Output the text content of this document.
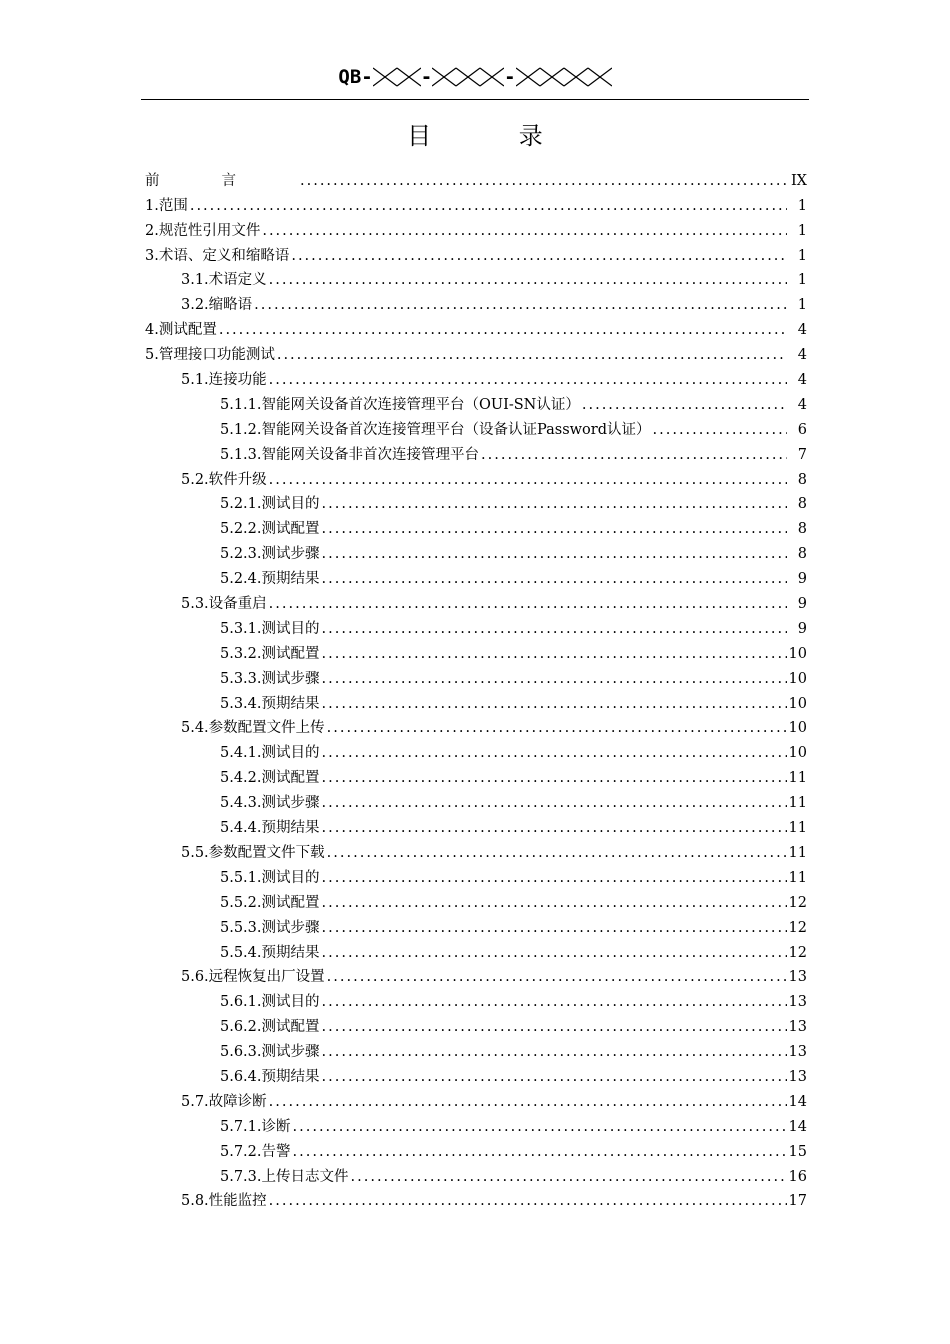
QB-	-	-
目 录
前言 .....	IX
1. 范围 .....	1
2. 规范性引用文件 .....	1
3. 术语、定义和缩略语 .....	1
3.1. 术语定义 .....	1
3.2. 缩略语 .....	1
4. 测试配置 .....	4
5. 管理接口功能测试 .....	4
5.1. 连接功能 .....	4
5.1.1. 智能网关设备首次连接管理平台（OUI-SN认证） .....	4
5.1.2. 智能网关设备首次连接管理平台（设备认证Password认证） .....	6
5.1.3. 智能网关设备非首次连接管理平台 .....	7
5.2. 软件升级 .....	8
5.2.1. 测试目的 .....	8
5.2.2. 测试配置 .....	8
5.2.3. 测试步骤 .....	8
5.2.4. 预期结果 .....	9
5.3. 设备重启 .....	9
5.3.1. 测试目的 .....	9
5.3.2. 测试配置 .....	10
5.3.3. 测试步骤 .....	10
5.3.4. 预期结果 .....	10
5.4. 参数配置文件上传 .....	10
5.4.1. 测试目的 .....	10
5.4.2. 测试配置 .....	11
5.4.3. 测试步骤 .....	11
5.4.4. 预期结果 .....	11
5.5. 参数配置文件下载 .....	11
5.5.1. 测试目的 .....	11
5.5.2. 测试配置 .....	12
5.5.3. 测试步骤 .....	12
5.5.4. 预期结果 .....	12
5.6. 远程恢复出厂设置 .....	13
5.6.1. 测试目的 .....	13
5.6.2. 测试配置 .....	13
5.6.3. 测试步骤 .....	13
5.6.4. 预期结果 .....	13
5.7. 故障诊断 .....	14
5.7.1. 诊断 .....	14
5.7.2. 告警 .....	15
5.7.3. 上传日志文件 .....	16
5.8. 性能监控 .....	17
